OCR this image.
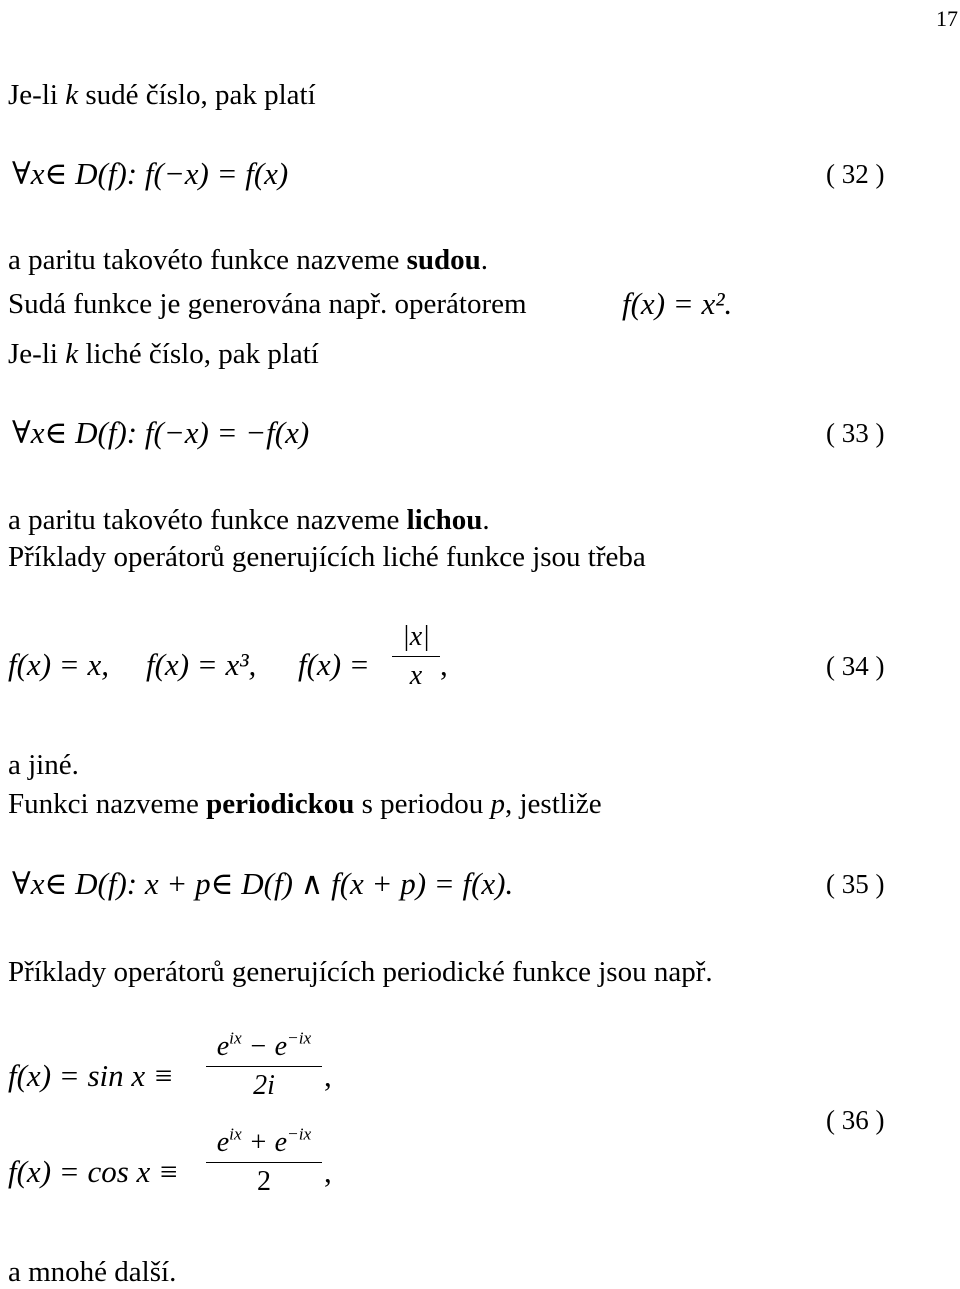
17
Je-li k sudé číslo, pak platí
∀x∈ D(f): f(−x) = f(x)	( 32 )
a paritu takovéto funkce nazveme sudou.
Sudá funkce je generována např. operátorem	f(x) = x².
Je-li k liché číslo, pak platí
∀x∈ D(f): f(−x) = −f(x)	( 33 )
a paritu takovéto funkce nazveme lichou.
Příklady operátorů generujících liché funkce jsou třeba
f(x) = x, f(x) = x³, f(x) =
|x|
x ,	( 34 )
a jiné.
Funkci nazveme periodickou s periodou p, jestliže
∀x∈ D(f): x + p∈ D(f) ∧ f(x + p) = f(x).	( 35 )
Příklady operátorů generujících periodické funkce jsou např.
f(x) = sin x ≡
$e^{ix} - e^{-ix}$
2i	,
f(x) = cos x ≡
$e^{ix} + e^{-ix}$
2	,
( 36 )
a mnohé další.
